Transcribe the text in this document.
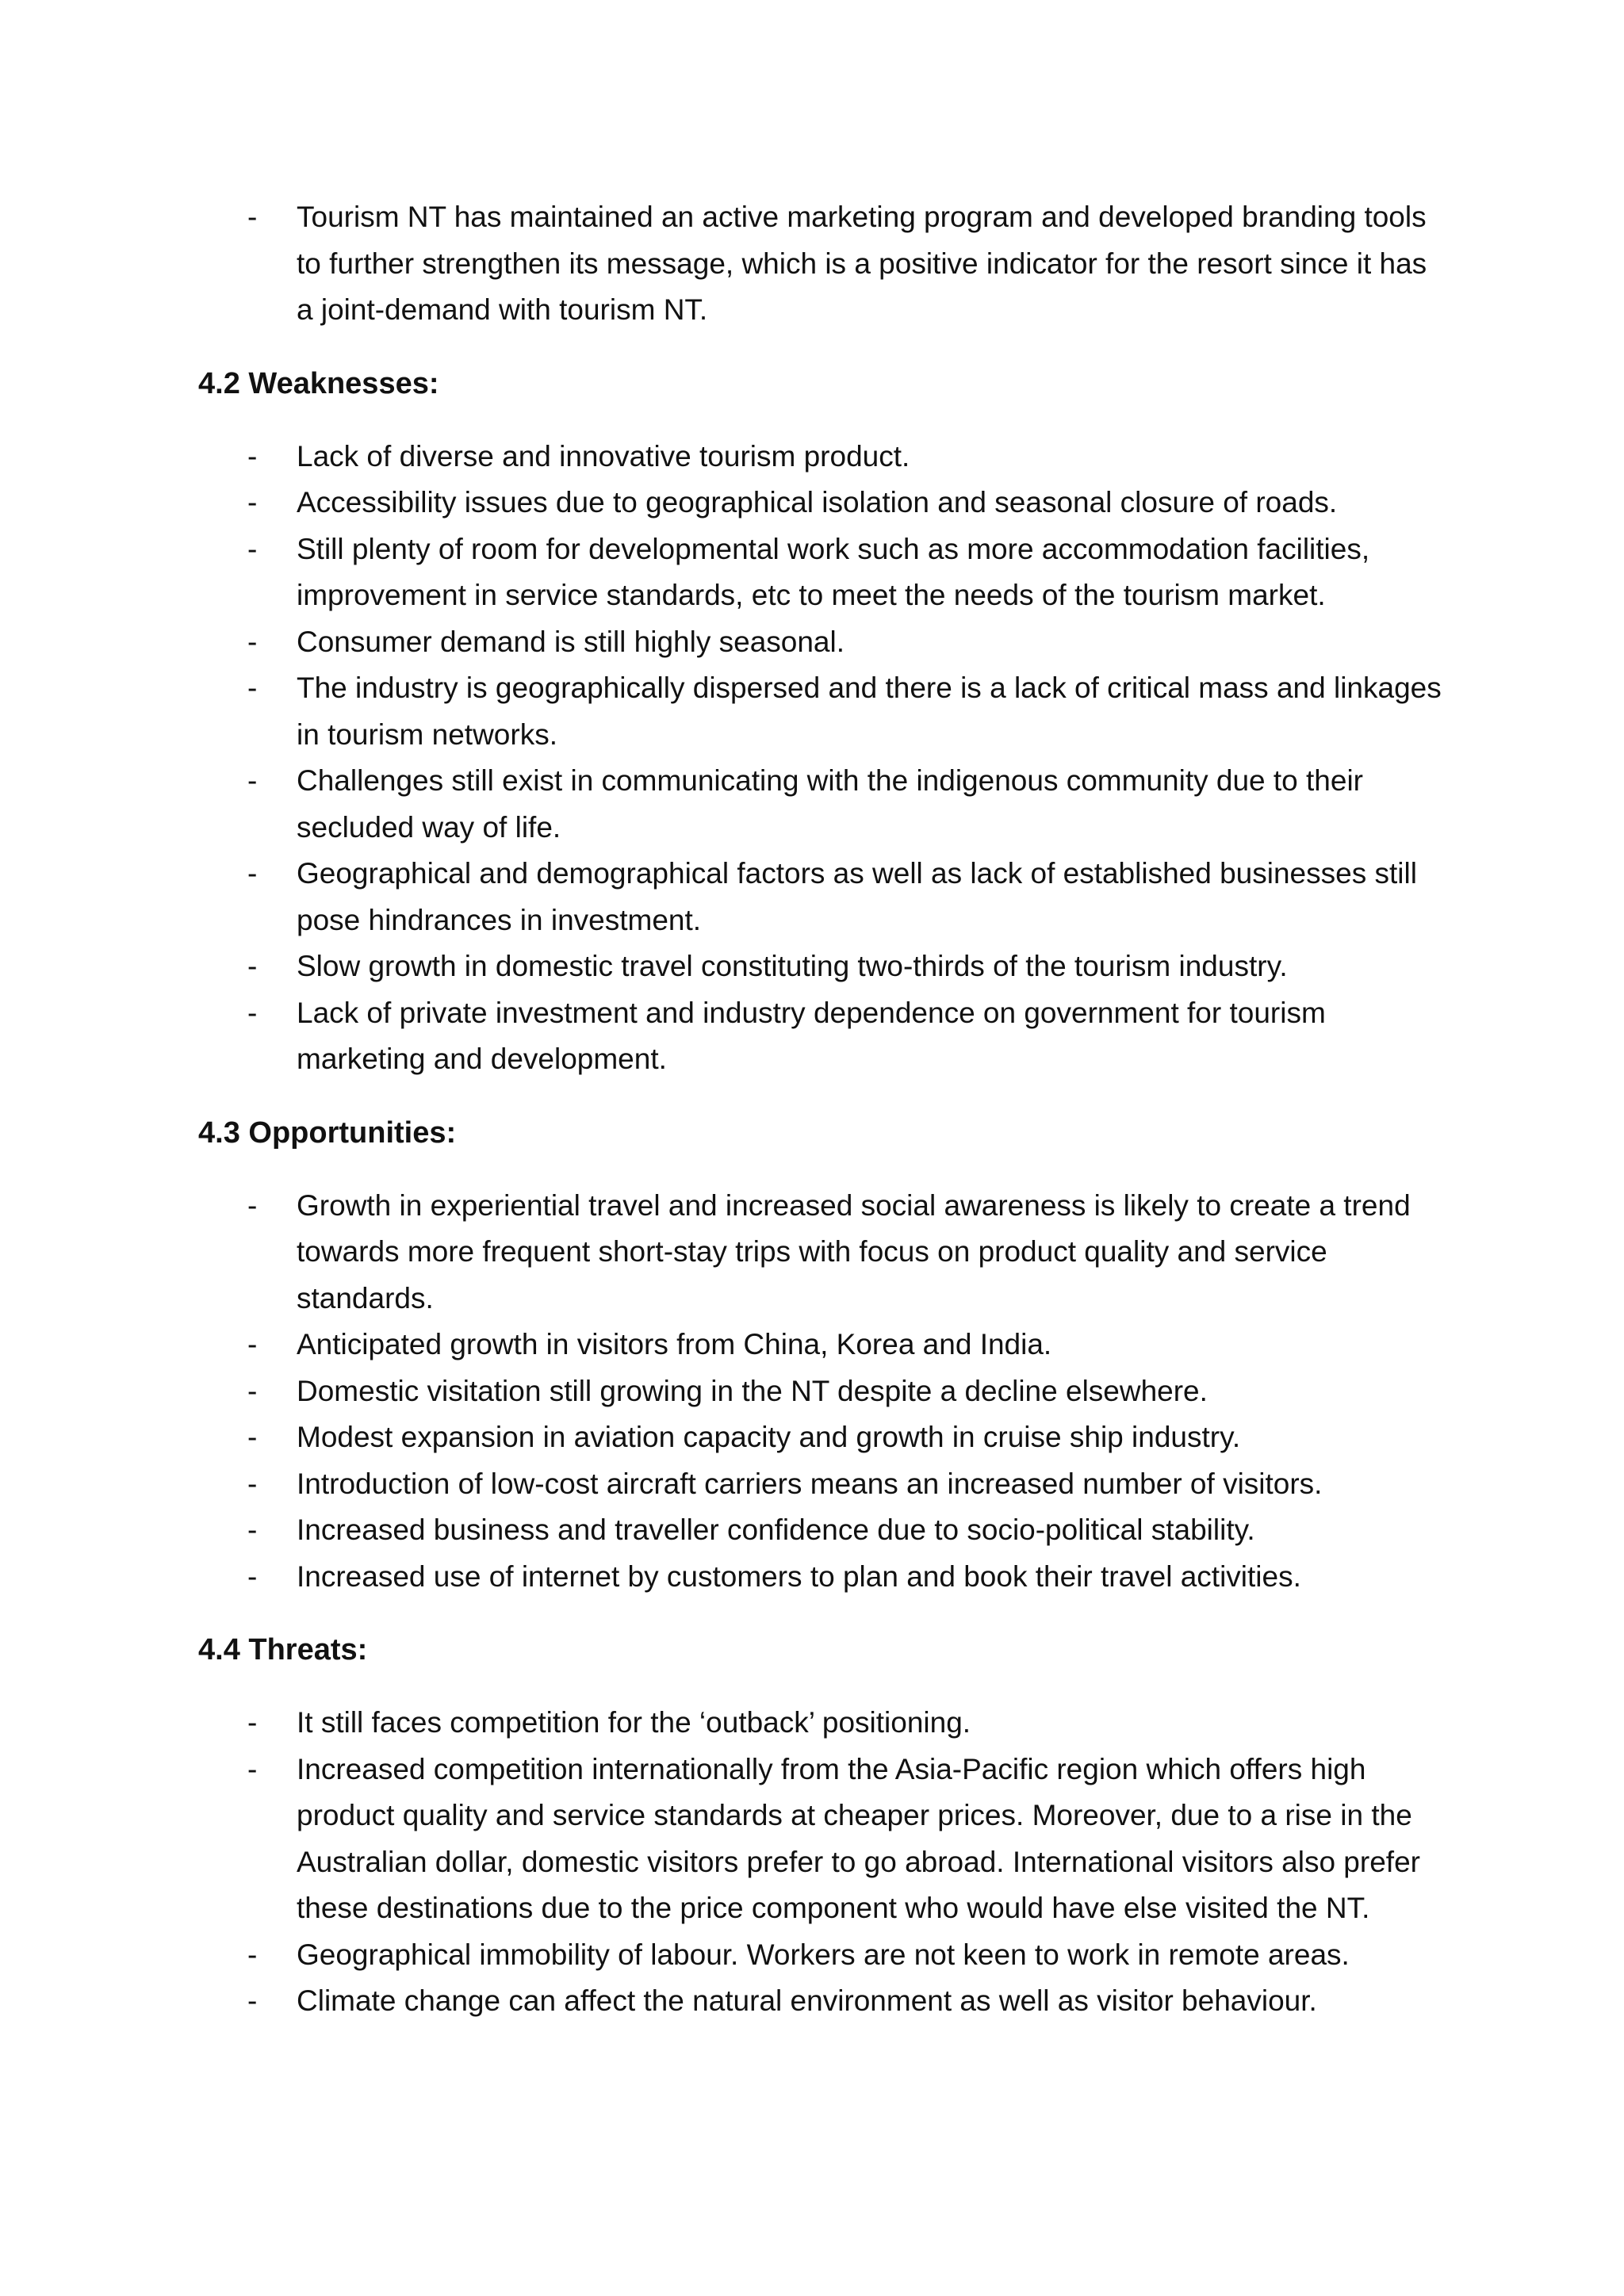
- Tourism NT has maintained an active marketing program and developed branding tools to further strengthen its message, which is a positive indicator for the resort since it has a joint-demand with tourism NT.
4.2 Weaknesses:
- Lack of diverse and innovative tourism product.
- Accessibility issues due to geographical isolation and seasonal closure of roads.
- Still plenty of room for developmental work such as more accommodation facilities, improvement in service standards, etc to meet the needs of the tourism market.
- Consumer demand is still highly seasonal.
- The industry is geographically dispersed and there is a lack of critical mass and linkages in tourism networks.
- Challenges still exist in communicating with the indigenous community due to their secluded way of life.
- Geographical and demographical factors as well as lack of established businesses still pose hindrances in investment.
- Slow growth in domestic travel constituting two-thirds of the tourism industry.
- Lack of private investment and industry dependence on government for tourism marketing and development.
4.3 Opportunities:
- Growth in experiential travel and increased social awareness is likely to create a trend towards more frequent short-stay trips with focus on product quality and service standards.
- Anticipated growth in visitors from China, Korea and India.
- Domestic visitation still growing in the NT despite a decline elsewhere.
- Modest expansion in aviation capacity and growth in cruise ship industry.
- Introduction of low-cost aircraft carriers means an increased number of visitors.
- Increased business and traveller confidence due to socio-political stability.
- Increased use of internet by customers to plan and book their travel activities.
4.4 Threats:
- It still faces competition for the ‘outback’ positioning.
- Increased competition internationally from the Asia-Pacific region which offers high product quality and service standards at cheaper prices. Moreover, due to a rise in the Australian dollar, domestic visitors prefer to go abroad. International visitors also prefer these destinations due to the price component who would have else visited the NT.
- Geographical immobility of labour. Workers are not keen to work in remote areas.
- Climate change can affect the natural environment as well as visitor behaviour.
